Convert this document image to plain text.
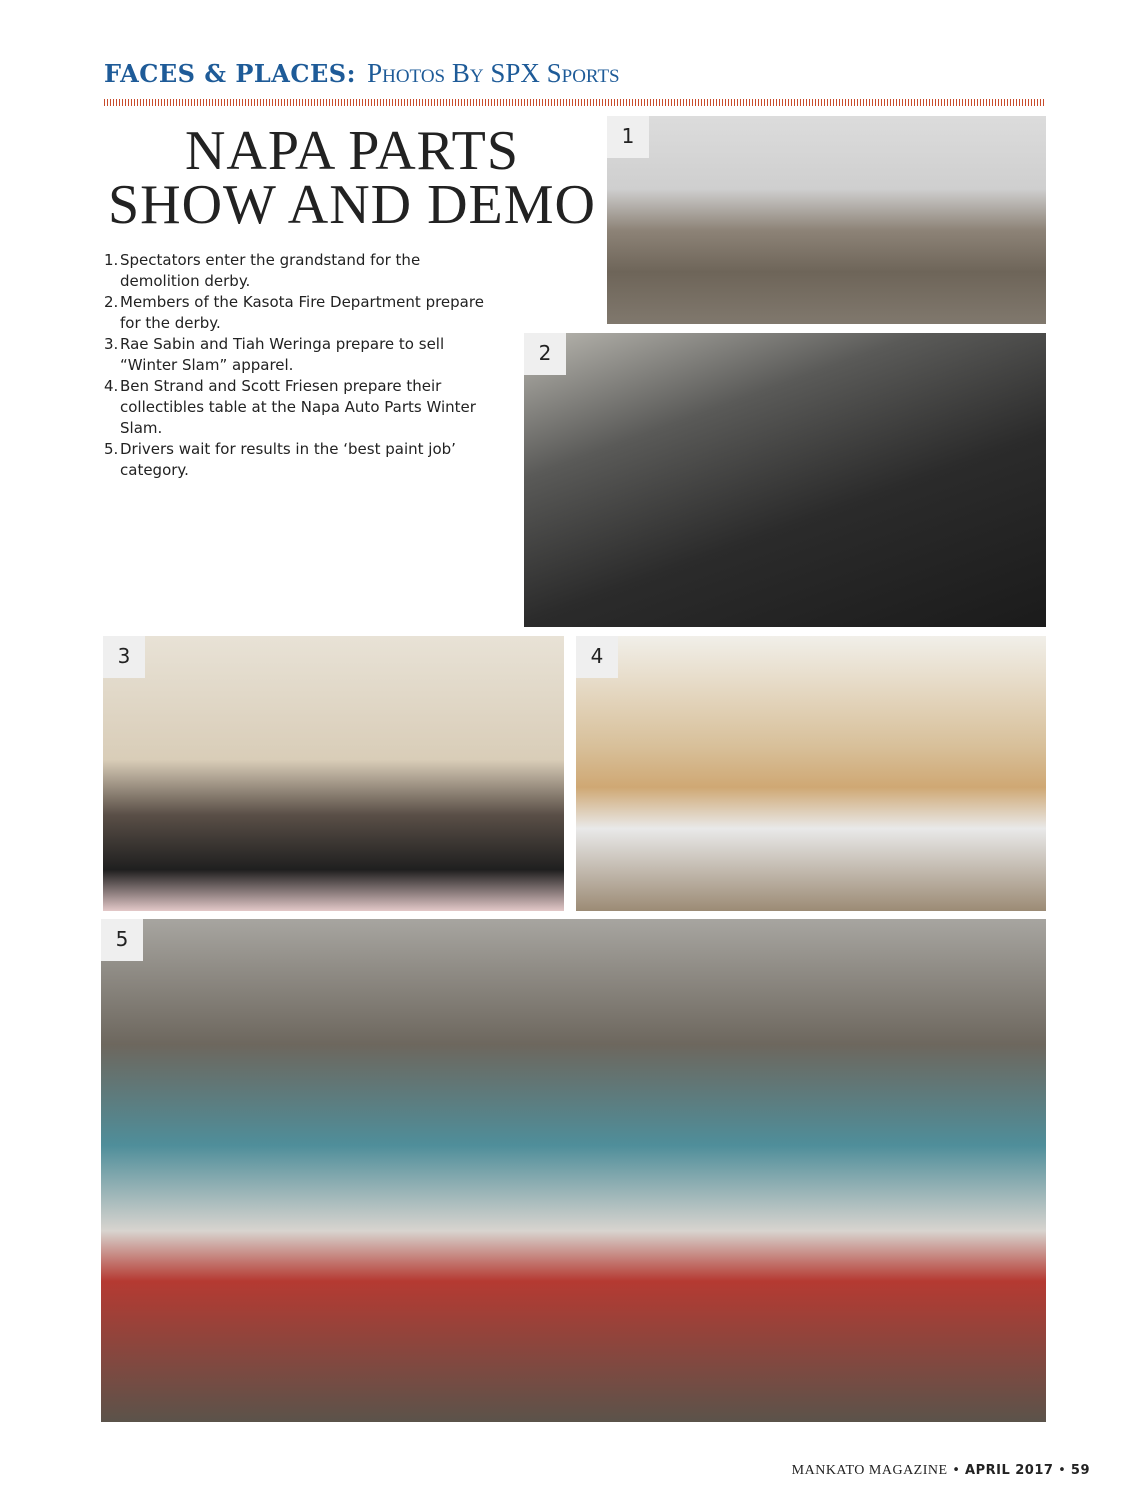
FACES & PLACES: Photos By SPX Sports
NAPA PARTS
SHOW AND DEMO
1. Spectators enter the grandstand for the demolition derby.
2. Members of the Kasota Fire Department prepare for the derby.
3. Rae Sabin and Tiah Weringa prepare to sell “Winter Slam” apparel.
4. Ben Strand and Scott Friesen prepare their collectibles table at the Napa Auto Parts Winter Slam.
5. Drivers wait for results in the ‘best paint job’ category.
1
2
3	4
5
MANKATO MAGAZINE • APRIL 2017 • 59
